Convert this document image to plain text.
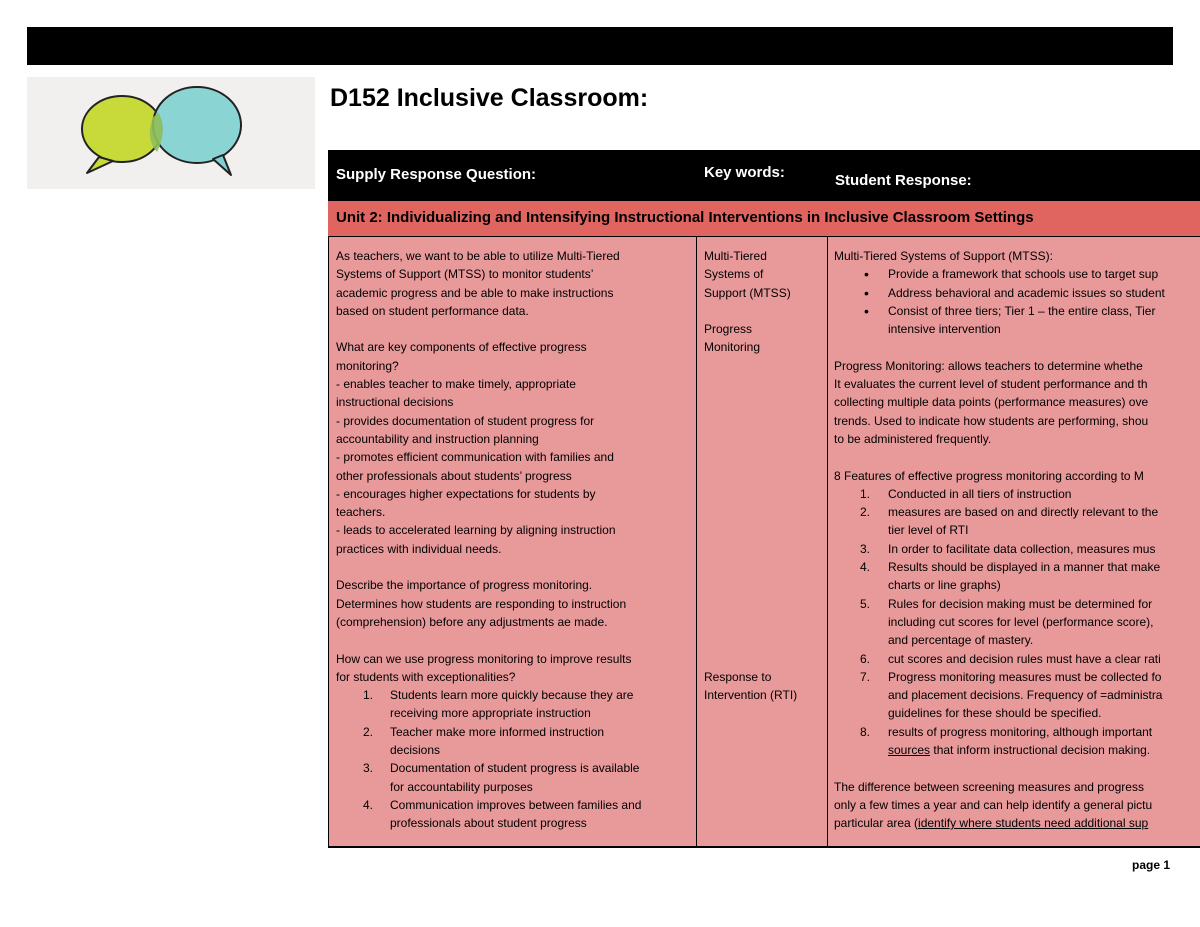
D152 Inclusive Classroom:
Supply Response Question:	Key words:	Student Response:
Unit 2: Individualizing and Intensifying Instructional Interventions in Inclusive Classroom Settings
As teachers, we want to be able to utilize Multi-Tiered
Systems of Support (MTSS) to monitor students’
academic progress and be able to make instructions
based on student performance data.
What are key components of effective progress
monitoring?
- enables teacher to make timely, appropriate
instructional decisions
- provides documentation of student progress for
accountability and instruction planning
- promotes efficient communication with families and
other professionals about students’ progress
- encourages higher expectations for students by
teachers.
- leads to accelerated learning by aligning instruction
practices with individual needs.
Describe the importance of progress monitoring.
Determines how students are responding to instruction
(comprehension) before any adjustments ae made.
How can we use progress monitoring to improve results
for students with exceptionalities?
1. Students learn more quickly because they are
receiving more appropriate instruction
2. Teacher make more informed instruction
decisions
3. Documentation of student progress is available
for accountability purposes
4. Communication improves between families and
professionals about student progress
Multi-Tiered
Systems of
Support (MTSS)
Progress
Monitoring
Response to
Intervention (RTI)
Multi-Tiered Systems of Support (MTSS):
• Provide a framework that schools use to target sup
• Address behavioral and academic issues so student
• Consist of three tiers; Tier 1 – the entire class, Tier
intensive intervention
Progress Monitoring: allows teachers to determine whethe
It evaluates the current level of student performance and th
collecting multiple data points (performance measures) ove
trends. Used to indicate how students are performing, shou
to be administered frequently.
8 Features of effective progress monitoring according to M
1. Conducted in all tiers of instruction
2. measures are based on and directly relevant to the
tier level of RTI
3. In order to facilitate data collection, measures mus
4. Results should be displayed in a manner that make
charts or line graphs)
5. Rules for decision making must be determined for
including cut scores for level (performance score),
and percentage of mastery.
6. cut scores and decision rules must have a clear rati
7. Progress monitoring measures must be collected fo
and placement decisions. Frequency of =administra
guidelines for these should be specified.
8. results of progress monitoring, although important
sources that inform instructional decision making.
The difference between screening measures and progress
only a few times a year and can help identify a general pictu
particular area (identify where students need additional sup
page 1
